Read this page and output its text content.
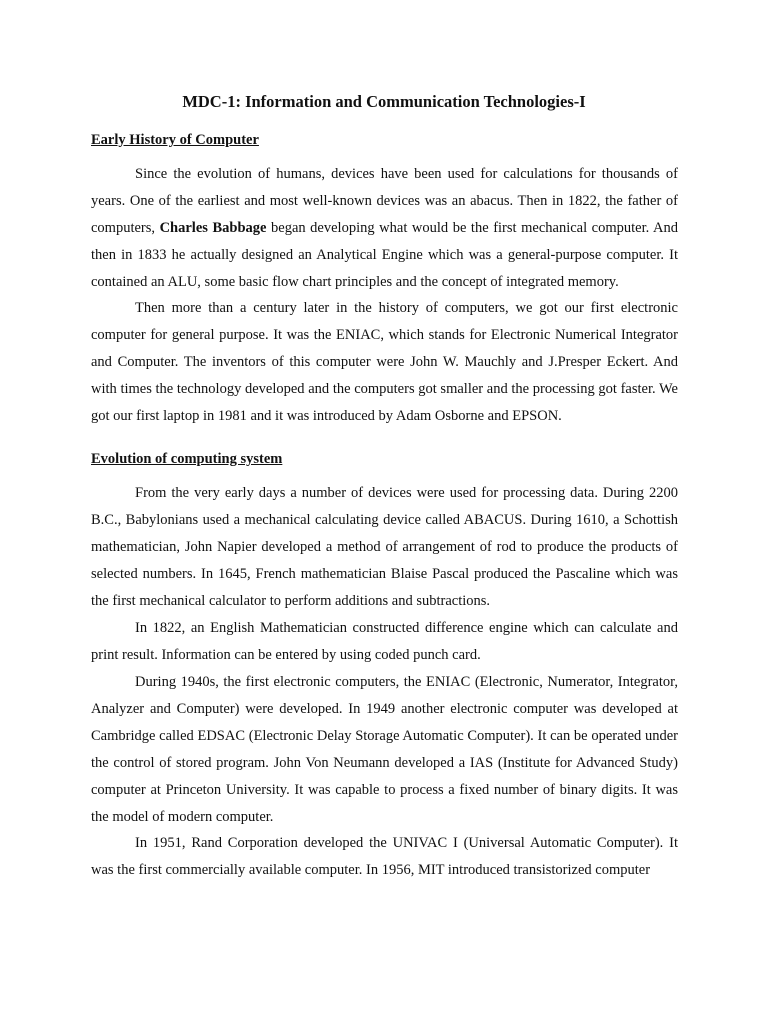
MDC-1: Information and Communication Technologies-I
Early History of Computer

Since the evolution of humans, devices have been used for calculations for thousands of years. One of the earliest and most well-known devices was an abacus. Then in 1822, the father of computers, Charles Babbage began developing what would be the first mechanical computer. And then in 1833 he actually designed an Analytical Engine which was a general-purpose computer. It contained an ALU, some basic flow chart principles and the concept of integrated memory.

Then more than a century later in the history of computers, we got our first electronic computer for general purpose. It was the ENIAC, which stands for Electronic Numerical Integrator and Computer. The inventors of this computer were John W. Mauchly and J.Presper Eckert. And with times the technology developed and the computers got smaller and the processing got faster. We got our first laptop in 1981 and it was introduced by Adam Osborne and EPSON.

Evolution of computing system

From the very early days a number of devices were used for processing data. During 2200 B.C., Babylonians used a mechanical calculating device called ABACUS. During 1610, a Schottish mathematician, John Napier developed a method of arrangement of rod to produce the products of selected numbers. In 1645, French mathematician Blaise Pascal produced the Pascaline which was the first mechanical calculator to perform additions and subtractions.

In 1822, an English Mathematician constructed difference engine which can calculate and print result. Information can be entered by using coded punch card.

During 1940s, the first electronic computers, the ENIAC (Electronic, Numerator, Integrator, Analyzer and Computer) were developed. In 1949 another electronic computer was developed at Cambridge called EDSAC (Electronic Delay Storage Automatic Computer). It can be operated under the control of stored program. John Von Neumann developed a IAS (Institute for Advanced Study) computer at Princeton University. It was capable to process a fixed number of binary digits. It was the model of modern computer.

In 1951, Rand Corporation developed the UNIVAC I (Universal Automatic Computer). It was the first commercially available computer. In 1956, MIT introduced transistorized computer
